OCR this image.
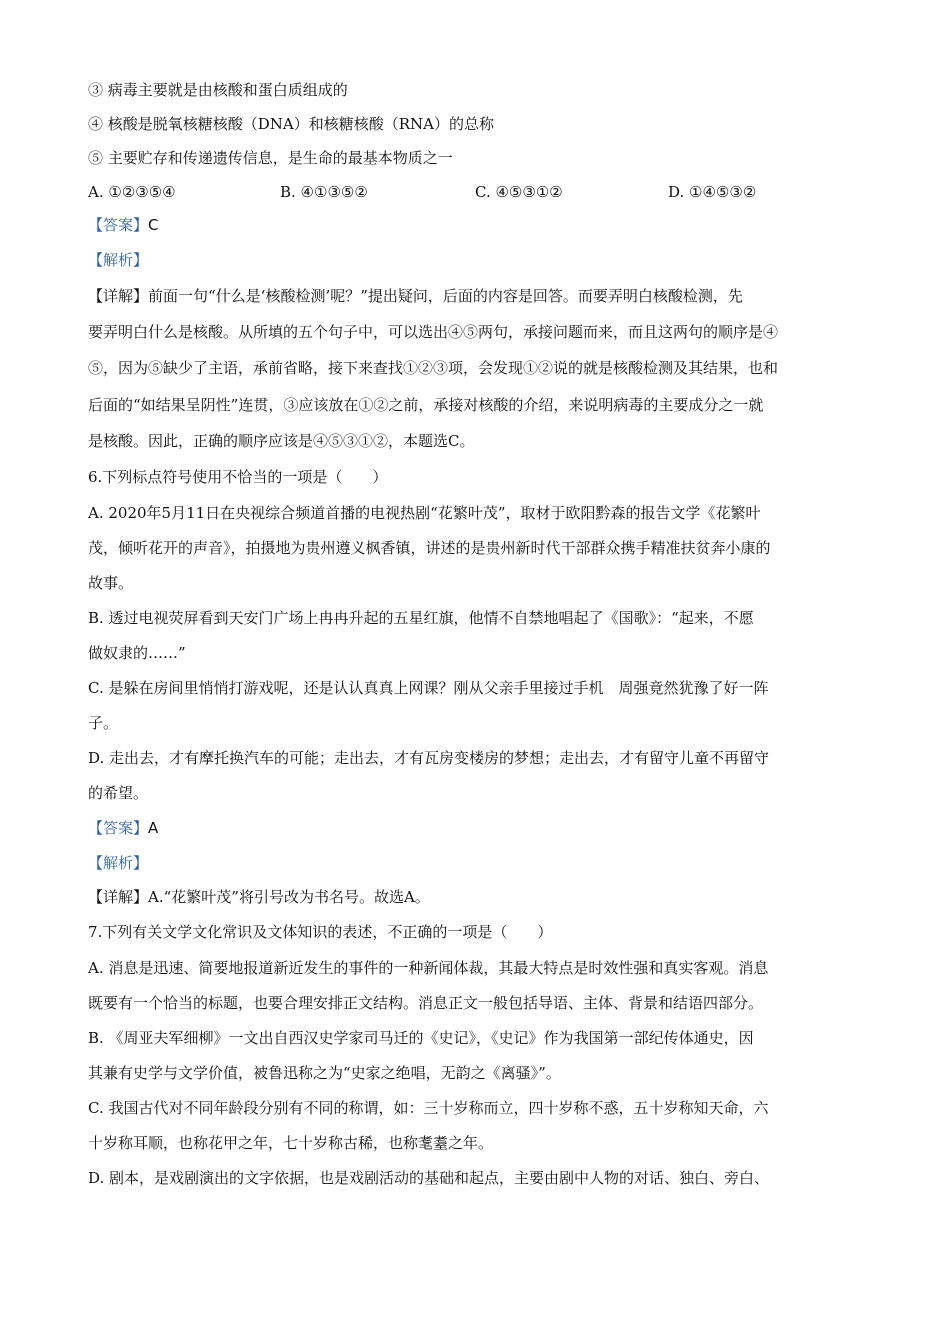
③ 病毒主要就是由核酸和蛋白质组成的
④ 核酸是脱氧核糖核酸（DNA）和核糖核酸（RNA）的总称
⑤ 主要贮存和传递遗传信息，是生命的最基本物质之一
A. ①②③⑤④	B. ④①③⑤②	C. ④⑤③①②	D. ①④⑤③②
【答案】C
【解析】
【详解】前面一句“什么是‘核酸检测’呢？”提出疑问，后面的内容是回答。而要弄明白核酸检测，先
要弄明白什么是核酸。从所填的五个句子中，可以选出④⑤两句，承接问题而来，而且这两句的顺序是④
⑤，因为⑤缺少了主语，承前省略，接下来查找①②③项，会发现①②说的就是核酸检测及其结果，也和
后面的“如结果呈阴性”连贯，③应该放在①②之前，承接对核酸的介绍，来说明病毒的主要成分之一就
是核酸。因此，正确的顺序应该是④⑤③①②，本题选C。
6.下列标点符号使用不恰当的一项是（　　）
A. 2020年5月11日在央视综合频道首播的电视热剧“花繁叶茂”，取材于欧阳黔森的报告文学《花繁叶
茂，倾听花开的声音》，拍摄地为贵州遵义枫香镇，讲述的是贵州新时代干部群众携手精准扶贫奔小康的
故事。
B. 透过电视荧屏看到天安门广场上冉冉升起的五星红旗，他情不自禁地唱起了《国歌》：“起来，不愿
做奴隶的……”
C. 是躲在房间里悄悄打游戏呢，还是认认真真上网课？刚从父亲手里接过手机　周强竟然犹豫了好一阵
子。
D. 走出去，才有摩托换汽车的可能；走出去，才有瓦房变楼房的梦想；走出去，才有留守儿童不再留守
的希望。
【答案】A
【解析】
【详解】A.“花繁叶茂”将引号改为书名号。故选A。
7.下列有关文学文化常识及文体知识的表述，不正确的一项是（　　）
A. 消息是迅速、简要地报道新近发生的事件的一种新闻体裁，其最大特点是时效性强和真实客观。消息
既要有一个恰当的标题，也要合理安排正文结构。消息正文一般包括导语、主体、背景和结语四部分。
B. 《周亚夫军细柳》一文出自西汉史学家司马迁的《史记》，《史记》作为我国第一部纪传体通史，因
其兼有史学与文学价值，被鲁迅称之为“史家之绝唱，无韵之《离骚》”。
C. 我国古代对不同年龄段分别有不同的称谓，如：三十岁称而立，四十岁称不惑，五十岁称知天命，六
十岁称耳顺，也称花甲之年，七十岁称古稀，也称耄耋之年。
D. 剧本，是戏剧演出的文字依据，也是戏剧活动的基础和起点，主要由剧中人物的对话、独白、旁白、
